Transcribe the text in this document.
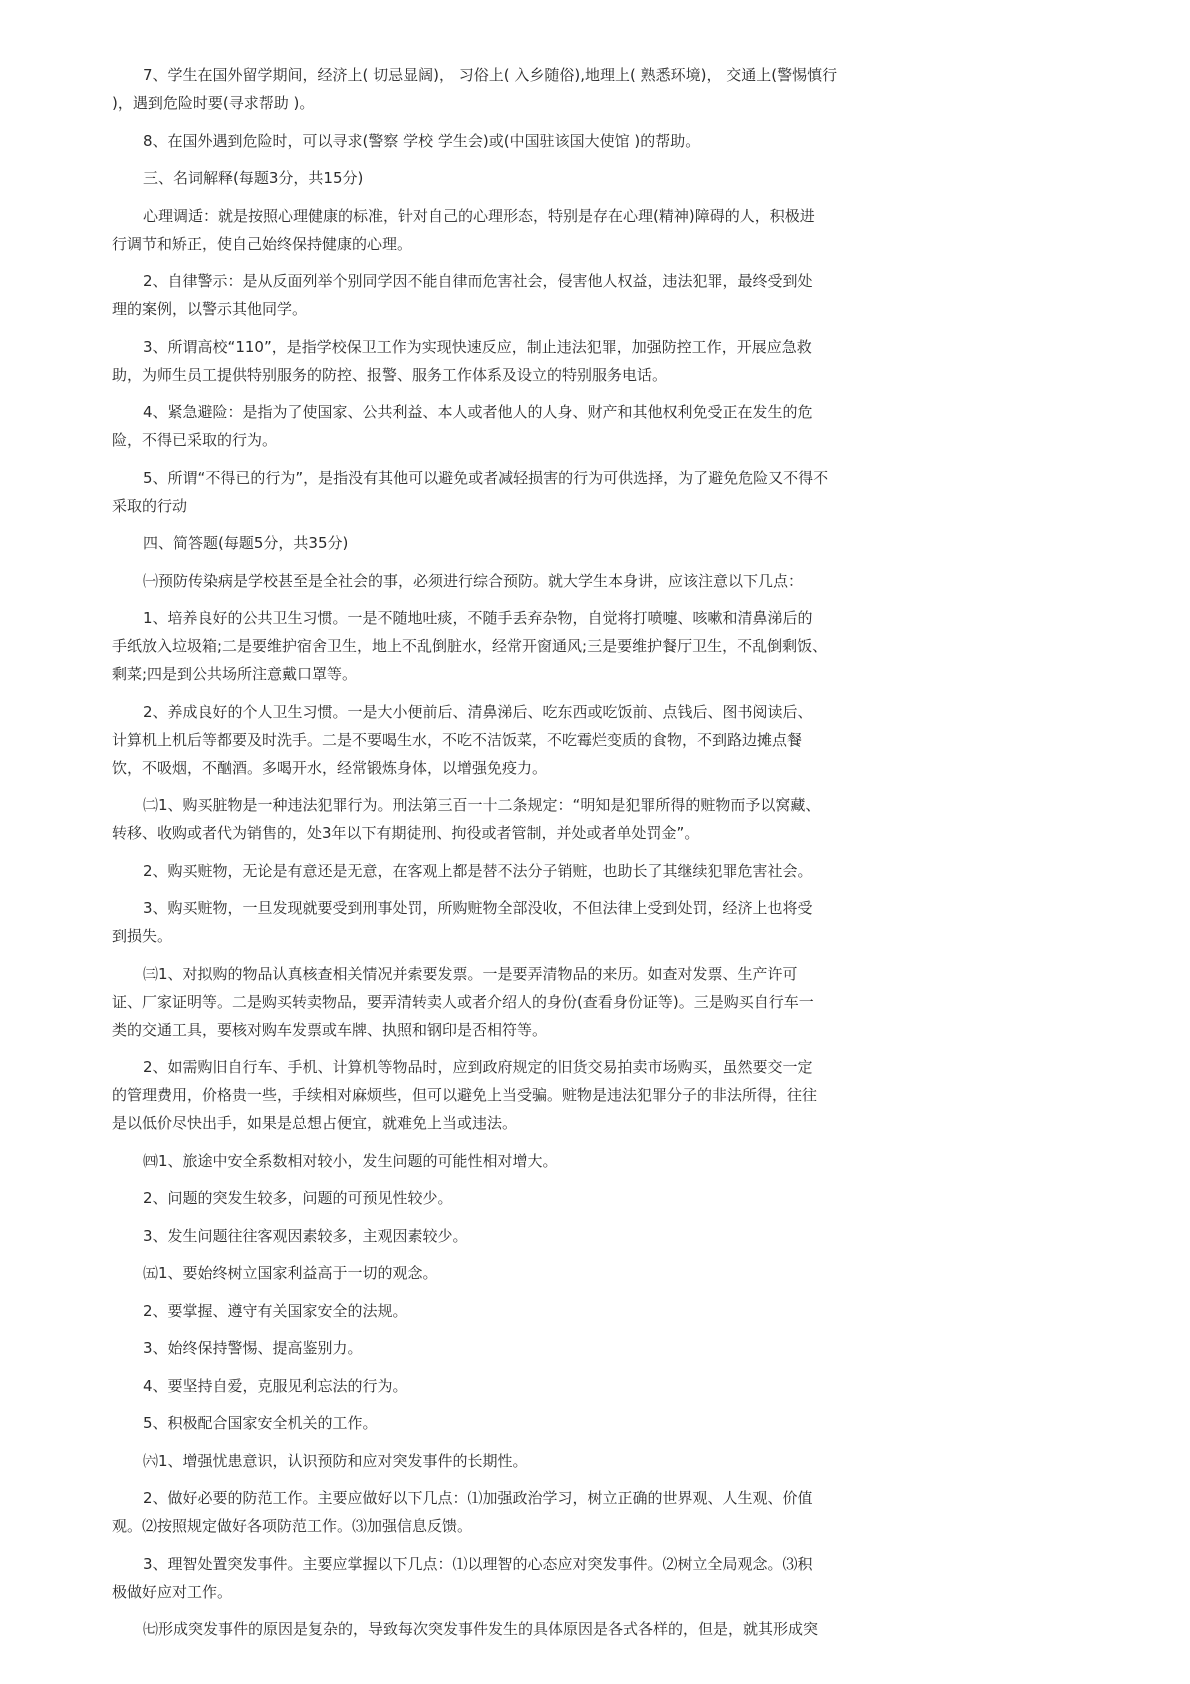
7、学生在国外留学期间，经济上( 切忌显阔)， 习俗上( 入乡随俗),地理上( 熟悉环境)， 交通上(警惕慎行
)，遇到危险时要(寻求帮助 )。
8、在国外遇到危险时，可以寻求(警察 学校 学生会)或(中国驻该国大使馆 )的帮助。
三、名词解释(每题3分，共15分)
心理调适：就是按照心理健康的标准，针对自己的心理形态，特别是存在心理(精神)障碍的人，积极进
行调节和矫正，使自己始终保持健康的心理。
2、自律警示：是从反面列举个别同学因不能自律而危害社会，侵害他人权益，违法犯罪，最终受到处
理的案例，以警示其他同学。
3、所谓高校“110”，是指学校保卫工作为实现快速反应，制止违法犯罪，加强防控工作，开展应急救
助，为师生员工提供特别服务的防控、报警、服务工作体系及设立的特别服务电话。
4、紧急避险：是指为了使国家、公共利益、本人或者他人的人身、财产和其他权利免受正在发生的危
险，不得已采取的行为。
5、所谓“不得已的行为”，是指没有其他可以避免或者减轻损害的行为可供选择，为了避免危险又不得不
采取的行动
四、简答题(每题5分，共35分)
㈠预防传染病是学校甚至是全社会的事，必须进行综合预防。就大学生本身讲，应该注意以下几点：
1、培养良好的公共卫生习惯。一是不随地吐痰，不随手丢弃杂物，自觉将打喷嚏、咳嗽和清鼻涕后的
手纸放入垃圾箱;二是要维护宿舍卫生，地上不乱倒脏水，经常开窗通风;三是要维护餐厅卫生，不乱倒剩饭、
剩菜;四是到公共场所注意戴口罩等。
2、养成良好的个人卫生习惯。一是大小便前后、清鼻涕后、吃东西或吃饭前、点钱后、图书阅读后、
计算机上机后等都要及时洗手。二是不要喝生水，不吃不洁饭菜，不吃霉烂变质的食物，不到路边摊点餐
饮，不吸烟，不酗酒。多喝开水，经常锻炼身体，以增强免疫力。
㈡1、购买脏物是一种违法犯罪行为。刑法第三百一十二条规定：“明知是犯罪所得的赃物而予以窝藏、
转移、收购或者代为销售的，处3年以下有期徒刑、拘役或者管制，并处或者单处罚金”。
2、购买赃物，无论是有意还是无意，在客观上都是替不法分子销赃，也助长了其继续犯罪危害社会。
3、购买赃物，一旦发现就要受到刑事处罚，所购赃物全部没收，不但法律上受到处罚，经济上也将受
到损失。
㈢1、对拟购的物品认真核查相关情况并索要发票。一是要弄清物品的来历。如查对发票、生产许可
证、厂家证明等。二是购买转卖物品，要弄清转卖人或者介绍人的身份(查看身份证等)。三是购买自行车一
类的交通工具，要核对购车发票或车牌、执照和钢印是否相符等。
2、如需购旧自行车、手机、计算机等物品时，应到政府规定的旧货交易拍卖市场购买，虽然要交一定
的管理费用，价格贵一些，手续相对麻烦些，但可以避免上当受骗。赃物是违法犯罪分子的非法所得，往往
是以低价尽快出手，如果是总想占便宜，就难免上当或违法。
㈣1、旅途中安全系数相对较小，发生问题的可能性相对增大。
2、问题的突发生较多，问题的可预见性较少。
3、发生问题往往客观因素较多，主观因素较少。
㈤1、要始终树立国家利益高于一切的观念。
2、要掌握、遵守有关国家安全的法规。
3、始终保持警惕、提高鉴别力。
4、要坚持自爱，克服见利忘法的行为。
5、积极配合国家安全机关的工作。
㈥1、增强忧患意识，认识预防和应对突发事件的长期性。
2、做好必要的防范工作。主要应做好以下几点：⑴加强政治学习，树立正确的世界观、人生观、价值
观。⑵按照规定做好各项防范工作。⑶加强信息反馈。
3、理智处置突发事件。主要应掌握以下几点：⑴以理智的心态应对突发事件。⑵树立全局观念。⑶积
极做好应对工作。
㈦形成突发事件的原因是复杂的，导致每次突发事件发生的具体原因是各式各样的，但是，就其形成突
